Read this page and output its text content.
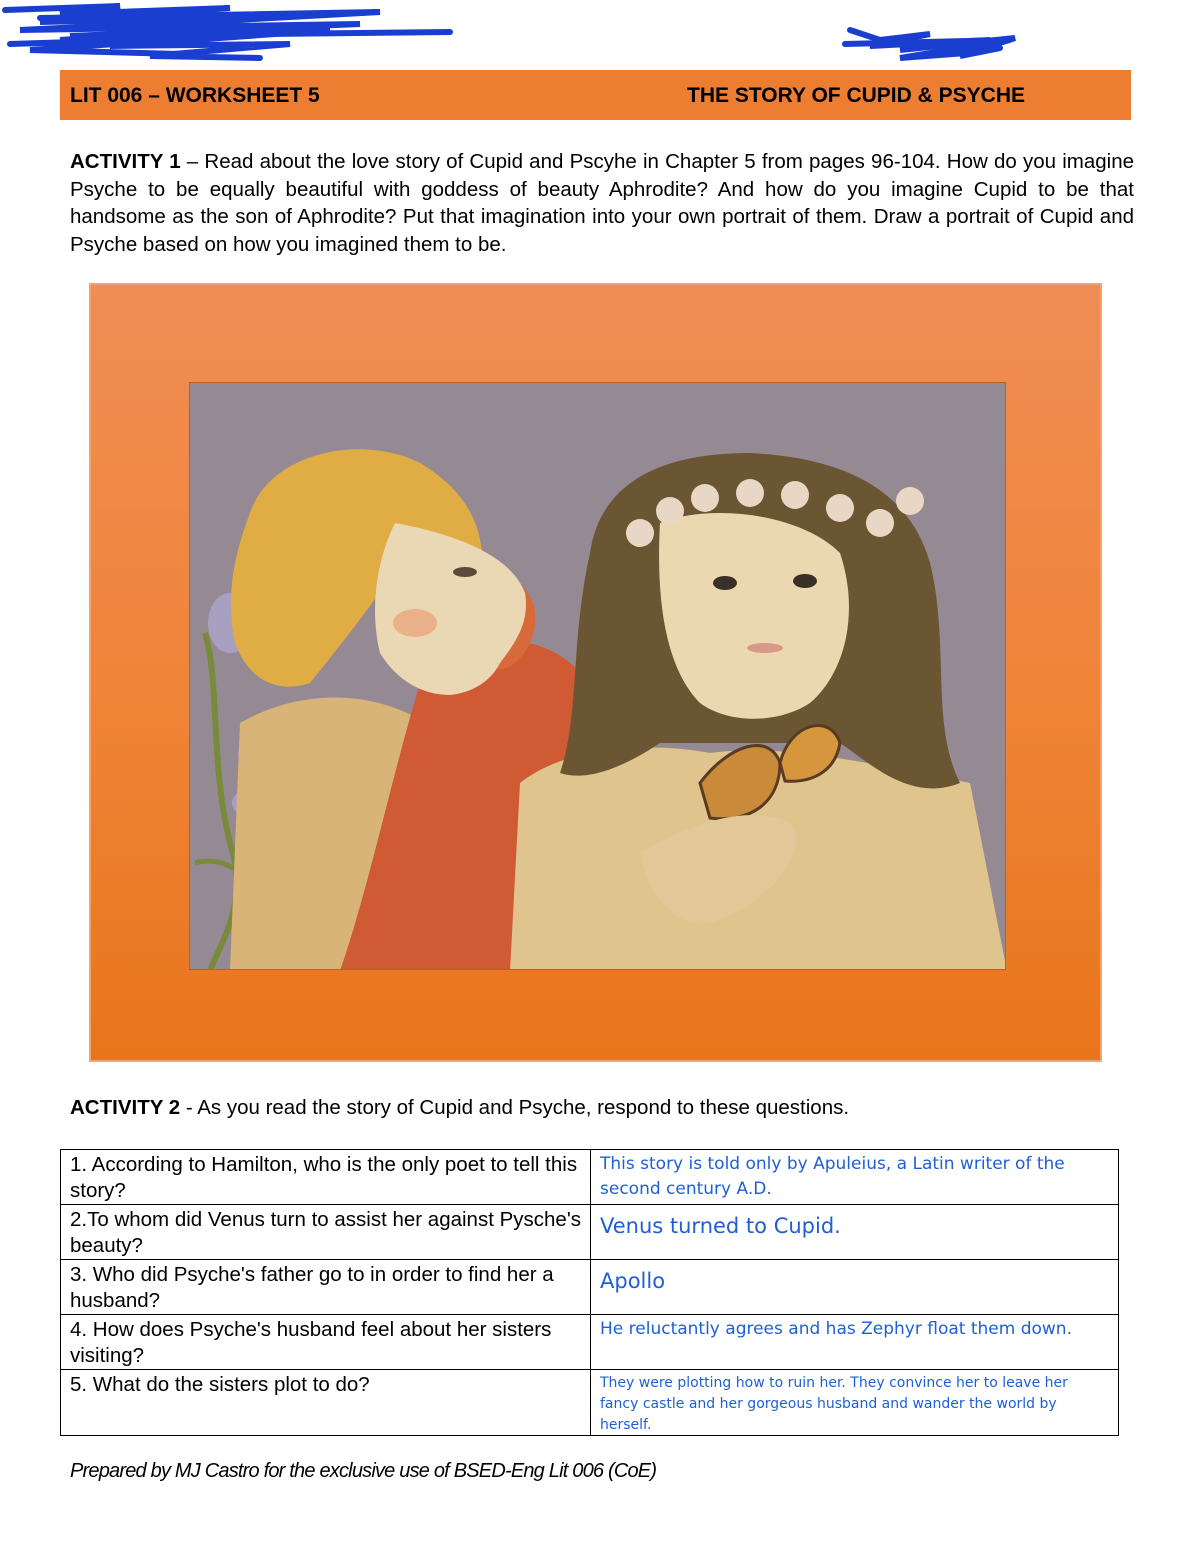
LIT 006 – WORKSHEET 5	THE STORY OF CUPID & PSYCHE
ACTIVITY 1 – Read about the love story of Cupid and Pscyhe in Chapter 5 from pages 96-104. How do you imagine Psyche to be equally beautiful with goddess of beauty Aphrodite? And how do you imagine Cupid to be that handsome as the son of Aphrodite? Put that imagination into your own portrait of them. Draw a portrait of Cupid and Psyche based on how you imagined them to be.
ACTIVITY 2 - As you read the story of Cupid and Psyche, respond to these questions.
1. According to Hamilton, who is the only poet to tell this story?	This story is told only by Apuleius, a Latin writer of the second century A.D.
2.To whom did Venus turn to assist her against Pysche's beauty?	Venus turned to Cupid.

3. Who did Psyche's father go to in order to find her a husband?	Apollo

4. How does Psyche's husband feel about her sisters visiting?	He reluctantly agrees and has Zephyr float them down.
5. What do the sisters plot to do?	They were plotting how to ruin her. They convince her to leave her fancy castle and her gorgeous husband and wander the world by herself.
Prepared by MJ Castro for the exclusive use of BSED-Eng Lit 006 (CoE)
